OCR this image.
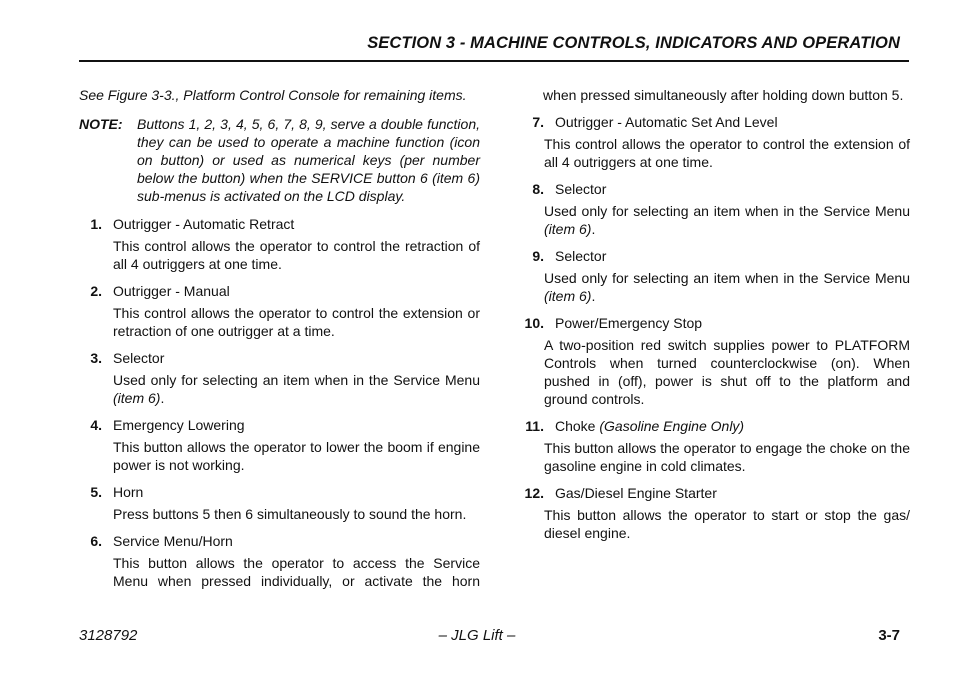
SECTION 3 - MACHINE CONTROLS, INDICATORS AND OPERATION

See Figure 3-3., Platform Control Console for remaining items.

NOTE:	Buttons 1, 2, 3, 4, 5, 6, 7, 8, 9, serve a double function, they can be used to operate a machine function (icon on button) or used as numerical keys (per number below the button) when the SERVICE button 6 (item 6) sub-menus is activated on the LCD display.
1. Outrigger - Automatic Retract
This control allows the operator to control the retraction of all 4 outriggers at one time.
2. Outrigger - Manual
This control allows the operator to control the extension or retraction of one outrigger at a time.
3. Selector
Used only for selecting an item when in the Service Menu (item 6).
4. Emergency Lowering
This button allows the operator to lower the boom if engine power is not working.
5. Horn
Press buttons 5 then 6 simultaneously to sound the horn.
6. Service Menu/Horn
This button allows the operator to access the Service Menu when pressed individually, or activate the horn
when pressed simultaneously after holding down button 5.
7. Outrigger - Automatic Set And Level
This control allows the operator to control the extension of all 4 outriggers at one time.
8. Selector
Used only for selecting an item when in the Service Menu (item 6).
9. Selector
Used only for selecting an item when in the Service Menu (item 6).
10. Power/Emergency Stop
A two-position red switch supplies power to PLATFORM Controls when turned counterclockwise (on). When pushed in (off), power is shut off to the platform and ground controls.
11. Choke (Gasoline Engine Only)
This button allows the operator to engage the choke on the gasoline engine in cold climates.
12. Gas/Diesel Engine Starter
This button allows the operator to start or stop the gas/ diesel engine.
3128792	– JLG Lift –	3-7
